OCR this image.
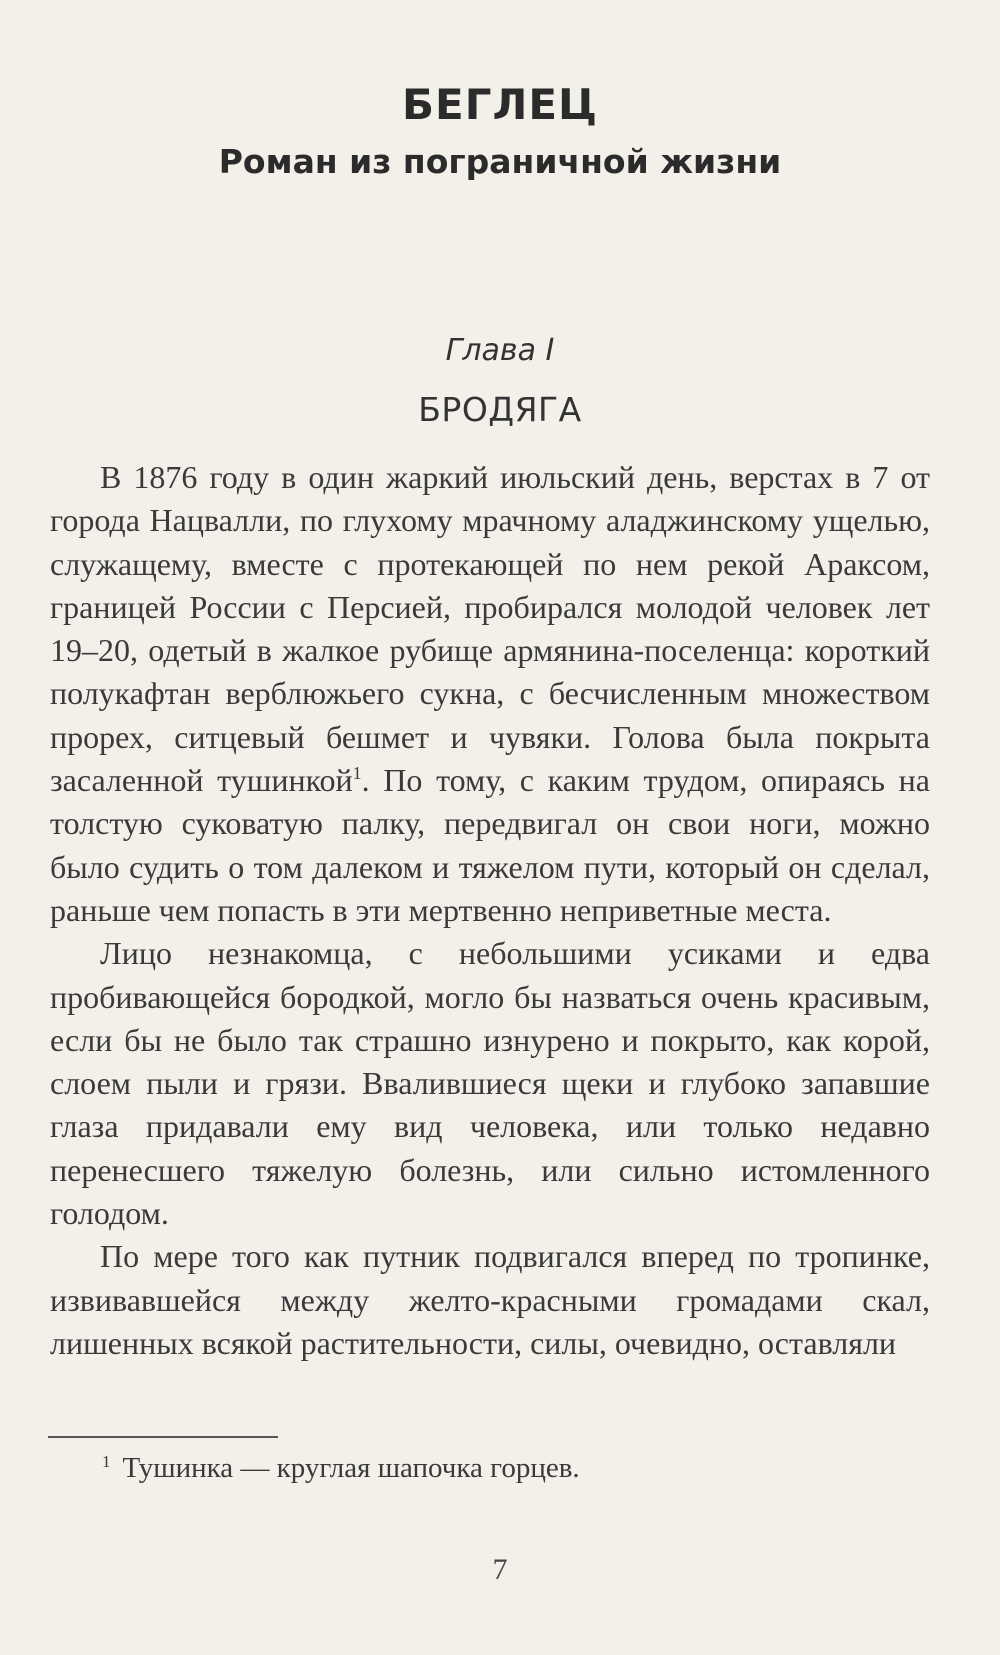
БЕГЛЕЦ
Роман из пограничной жизни
Глава I
БРОДЯГА

В 1876 году в один жаркий июльский день, верстах в 7 от города Нацвалли, по глухому мрачному аладжинскому ущелью, служащему, вместе с протекающей по нем рекой Араксом, границей России с Персией, пробирался молодой человек лет 19–20, одетый в жалкое рубище армянина-поселенца: короткий полукафтан верблюжьего сукна, с бесчисленным множеством прорех, ситцевый бешмет и чувяки. Голова была покрыта засаленной тушинкой$^1$. По тому, с каким трудом, опираясь на толстую суковатую палку, передвигал он свои ноги, можно было судить о том далеком и тяжелом пути, который он сделал, раньше чем попасть в эти мертвенно неприветные места.

Лицо незнакомца, с небольшими усиками и едва пробивающейся бородкой, могло бы назваться очень красивым, если бы не было так страшно изнурено и покрыто, как корой, слоем пыли и грязи. Ввалившиеся щеки и глубоко запавшие глаза придавали ему вид человека, или только недавно перенесшего тяжелую болезнь, или сильно истомленного голодом.

По мере того как путник подвигался вперед по тропинке, извивавшейся между желто-красными громадами скал, лишенных всякой растительности, силы, очевидно, оставляли

$^1$ Тушинка — круглая шапочка горцев.
7
